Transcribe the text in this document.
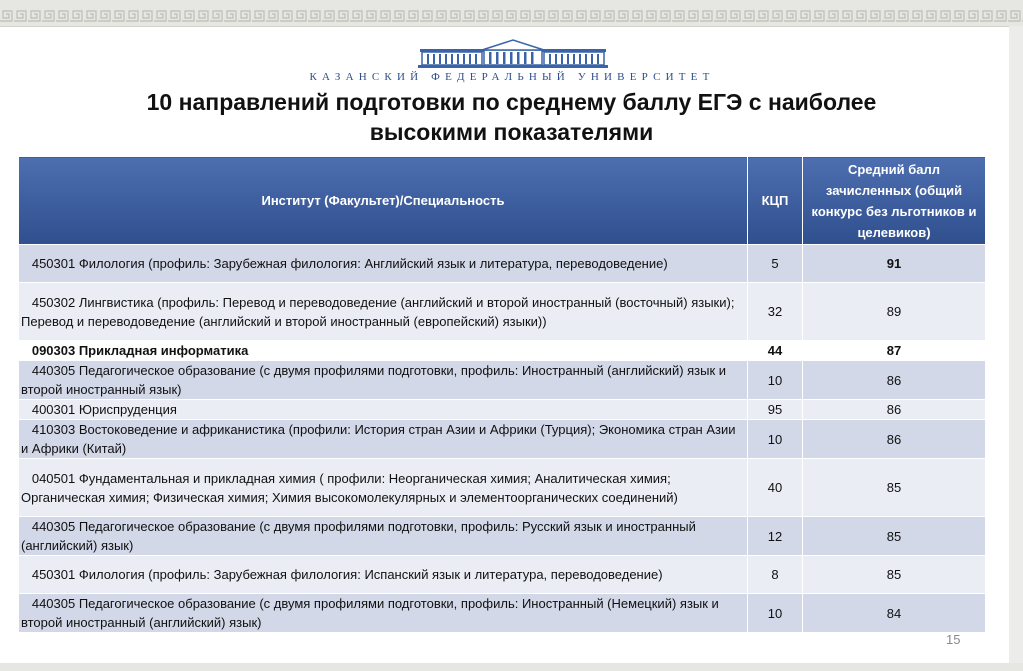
КАЗАНСКИЙ ФЕДЕРАЛЬНЫЙ УНИВЕРСИТЕТ
10 направлений подготовки по среднему баллу ЕГЭ с наиболее
высокими показателями
Институт (Факультет)/Специальность	КЦП	Средний балл зачисленных (общий конкурс без льготников и целевиков)
450301 Филология (профиль: Зарубежная филология: Английский язык и литература, переводоведение)	5	91
450302 Лингвистика (профиль: Перевод и переводоведение (английский и второй иностранный (восточный) языки); Перевод и переводоведение (английский и второй иностранный (европейский) языки))	32	89
090303 Прикладная информатика	44	87
440305 Педагогическое образование (с двумя профилями подготовки, профиль: Иностранный (английский) язык и второй иностранный язык)	10	86
400301 Юриспруденция	95	86
410303 Востоковедение и африканистика (профили: История стран Азии и Африки (Турция); Экономика стран Азии и Африки (Китай)	10	86
040501 Фундаментальная и прикладная химия ( профили: Неорганическая химия; Аналитическая химия; Органическая химия; Физическая химия; Химия высокомолекулярных и элементоорганических соединений)	40	85
440305 Педагогическое образование (с двумя профилями подготовки, профиль: Русский язык и иностранный (английский) язык)	12	85
450301 Филология (профиль: Зарубежная филология: Испанский язык и литература, переводоведение)	8	85
440305 Педагогическое образование (с двумя профилями подготовки, профиль: Иностранный (Немецкий) язык и второй иностранный (английский) язык)	10	84
15
